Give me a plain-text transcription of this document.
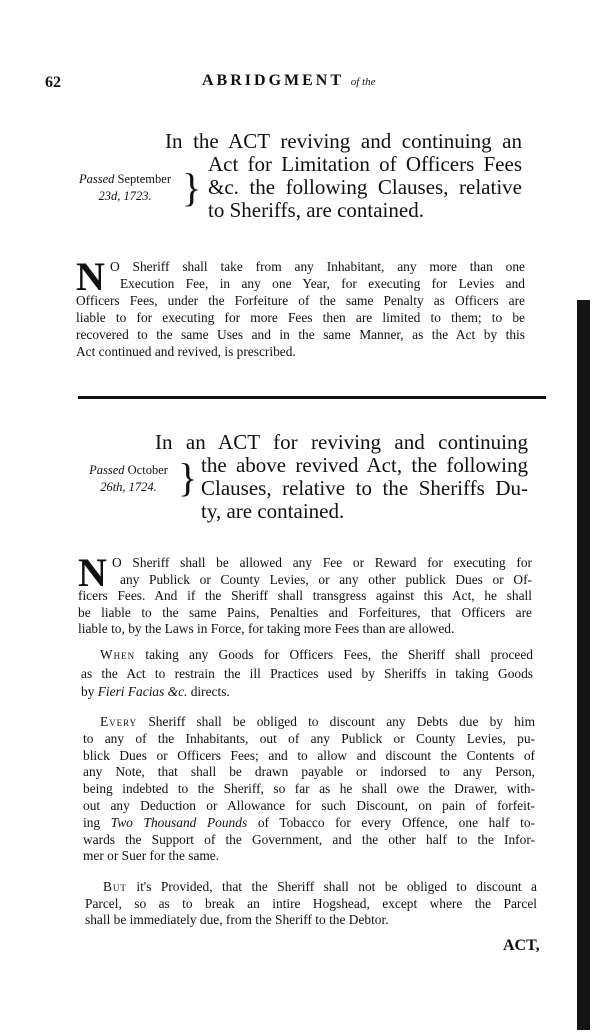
62	ABRIDGMENT of the
In the ACT reviving and continuing an
Act for Limitation of Officers Fees
&c. the following Clauses, relative
to Sheriffs, are contained.
Passed September
23d, 1723. }
N O Sheriff shall take from any Inhabitant, any more than one
Execution Fee, in any one Year, for executing for Levies and
Officers Fees, under the Forfeiture of the same Penalty as Officers are
liable to for executing for more Fees then are limited to them; to be
recovered to the same Uses and in the same Manner, as the Act by this
Act continued and revived, is prescribed.
In an ACT for reviving and continuing
the above revived Act, the following
Clauses, relative to the Sheriffs Du-
ty, are contained.
Passed October
26th, 1724. }
N O Sheriff shall be allowed any Fee or Reward for executing for
any Publick or County Levies, or any other publick Dues or Of-
ficers Fees. And if the Sheriff shall transgress against this Act, he shall
be liable to the same Pains, Penalties and Forfeitures, that Officers are
liable to, by the Laws in Force, for taking more Fees than are allowed.
When taking any Goods for Officers Fees, the Sheriff shall proceed
as the Act to restrain the ill Practices used by Sheriffs in taking Goods
by Fieri Facias &c. directs.
Every Sheriff shall be obliged to discount any Debts due by him
to any of the Inhabitants, out of any Publick or County Levies, pu-
blick Dues or Officers Fees; and to allow and discount the Contents of
any Note, that shall be drawn payable or indorsed to any Person,
being indebted to the Sheriff, so far as he shall owe the Drawer, with-
out any Deduction or Allowance for such Discount, on pain of forfeit-
ing Two Thousand Pounds of Tobacco for every Offence, one half to-
wards the Support of the Government, and the other half to the Infor-
mer or Suer for the same.
But it's Provided, that the Sheriff shall not be obliged to discount a
Parcel, so as to break an intire Hogshead, except where the Parcel
shall be immediately due, from the Sheriff to the Debtor.
ACT,
